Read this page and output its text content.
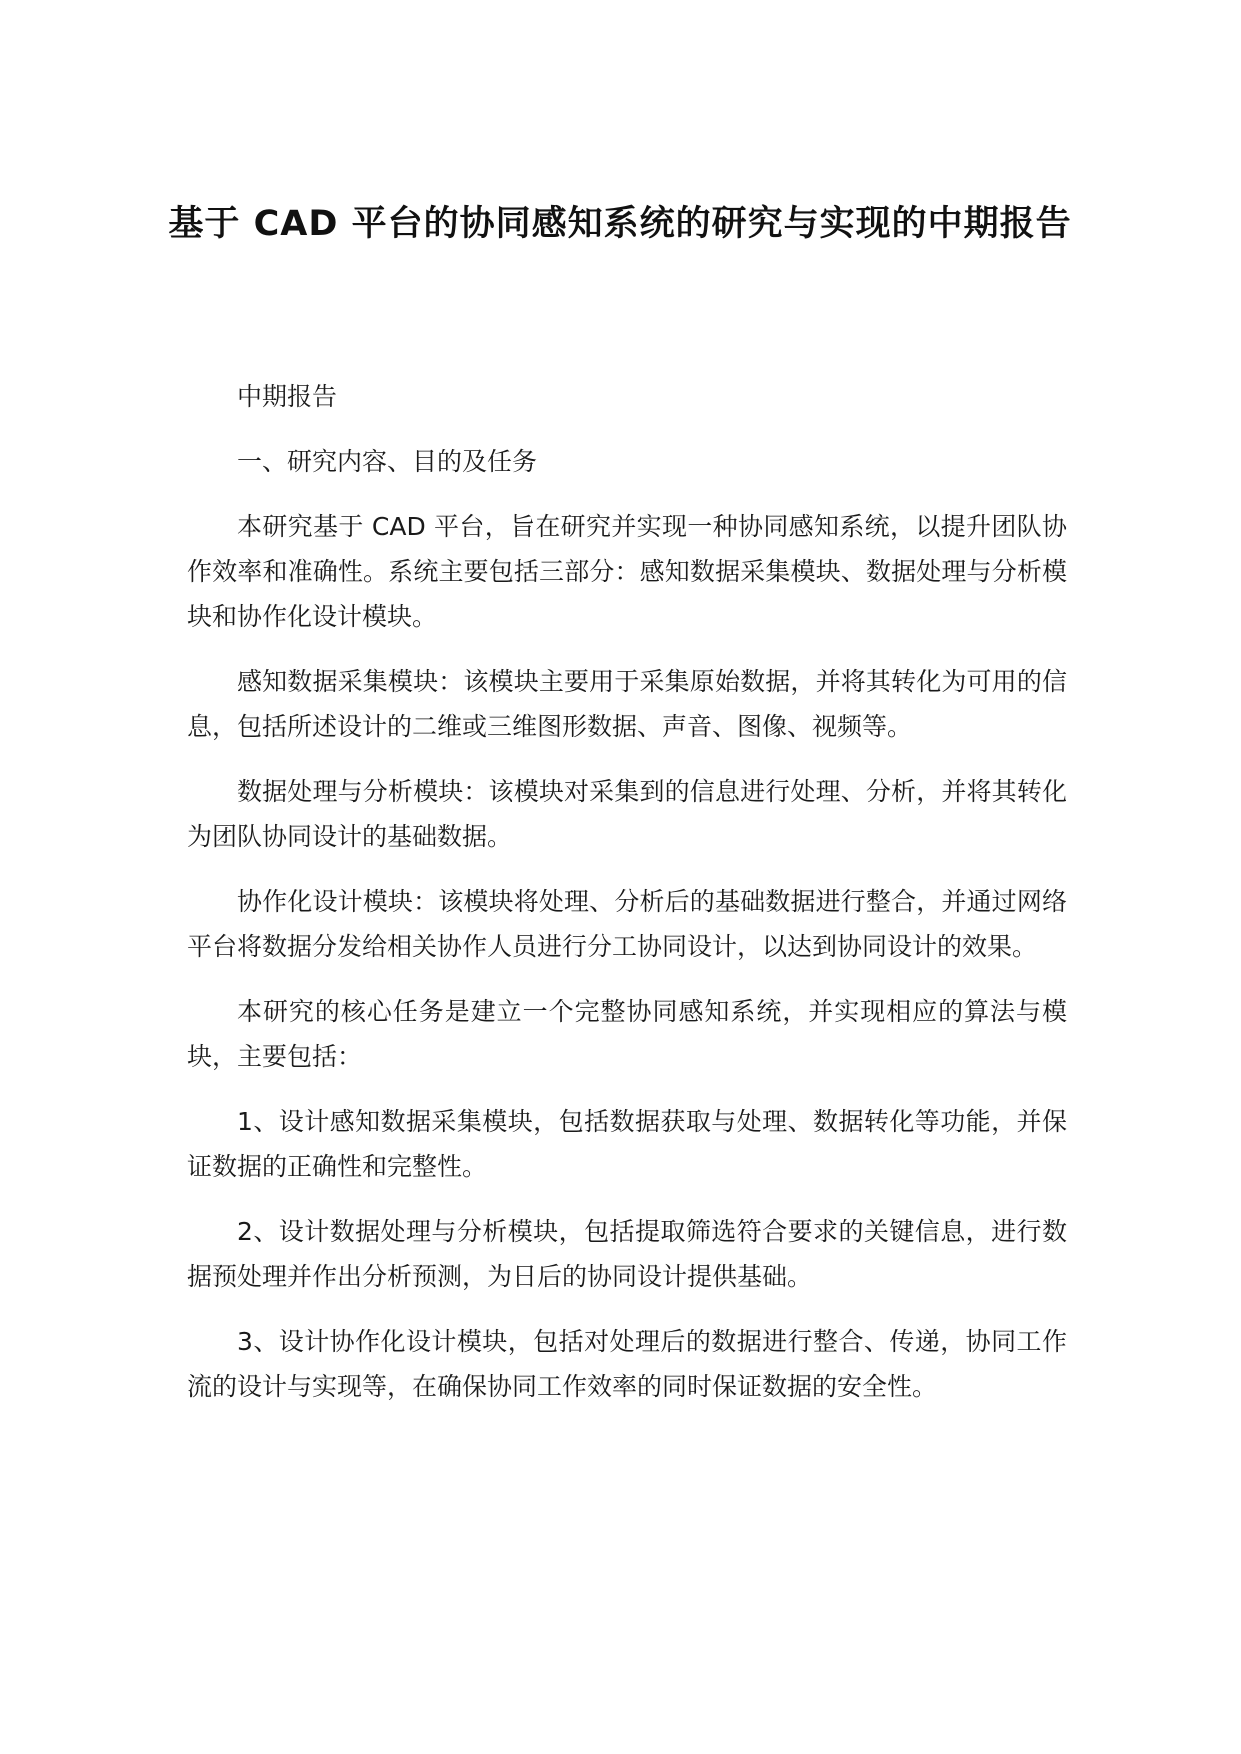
基于 CAD 平台的协同感知系统的研究与实现的中期报告

中期报告

一、研究内容、目的及任务

本研究基于 CAD 平台，旨在研究并实现一种协同感知系统，以提升团队协作效率和准确性。系统主要包括三部分：感知数据采集模块、数据处理与分析模块和协作化设计模块。

感知数据采集模块：该模块主要用于采集原始数据，并将其转化为可用的信息，包括所述设计的二维或三维图形数据、声音、图像、视频等。

数据处理与分析模块：该模块对采集到的信息进行处理、分析，并将其转化为团队协同设计的基础数据。

协作化设计模块：该模块将处理、分析后的基础数据进行整合，并通过网络平台将数据分发给相关协作人员进行分工协同设计，以达到协同设计的效果。

本研究的核心任务是建立一个完整协同感知系统，并实现相应的算法与模块，主要包括：

1、设计感知数据采集模块，包括数据获取与处理、数据转化等功能，并保证数据的正确性和完整性。

2、设计数据处理与分析模块，包括提取筛选符合要求的关键信息，进行数据预处理并作出分析预测，为日后的协同设计提供基础。

3、设计协作化设计模块，包括对处理后的数据进行整合、传递，协同工作流的设计与实现等，在确保协同工作效率的同时保证数据的安全性。
